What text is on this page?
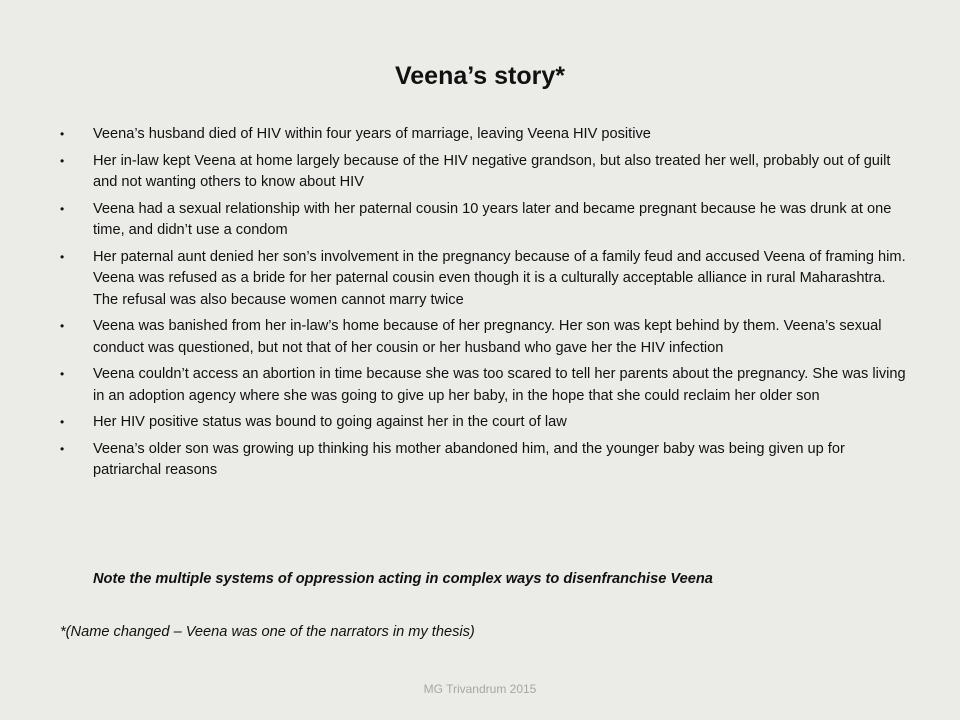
Veena’s story*
• Veena’s husband died of HIV within four years of marriage, leaving Veena HIV positive
• Her in-law kept Veena at home largely because of the HIV negative grandson, but also treated her well, probably out of guilt and not wanting others to know about HIV
• Veena had a sexual relationship with her paternal cousin 10 years later and became pregnant because he was drunk at one time, and didn’t use a condom
• Her paternal aunt denied her son’s involvement in the pregnancy because of a family feud and accused Veena of framing him. Veena was refused as a bride for her paternal cousin even though it is a culturally acceptable alliance in rural Maharashtra. The refusal was also because women cannot marry twice
• Veena was banished from her in-law’s home because of her pregnancy. Her son was kept behind by them. Veena’s sexual conduct was questioned, but not that of her cousin or her husband who gave her the HIV infection
• Veena couldn’t access an abortion in time because she was too scared to tell her parents about the pregnancy. She was living in an adoption agency where she was going to give up her baby, in the hope that she could reclaim her older son
• Her HIV positive status was bound to going against her in the court of law
• Veena’s older son was growing up thinking his mother abandoned him, and the younger baby was being given up for patriarchal reasons
Note the multiple systems of oppression acting in complex ways to disenfranchise Veena
*(Name changed – Veena was one of the narrators in my thesis)
MG Trivandrum 2015
